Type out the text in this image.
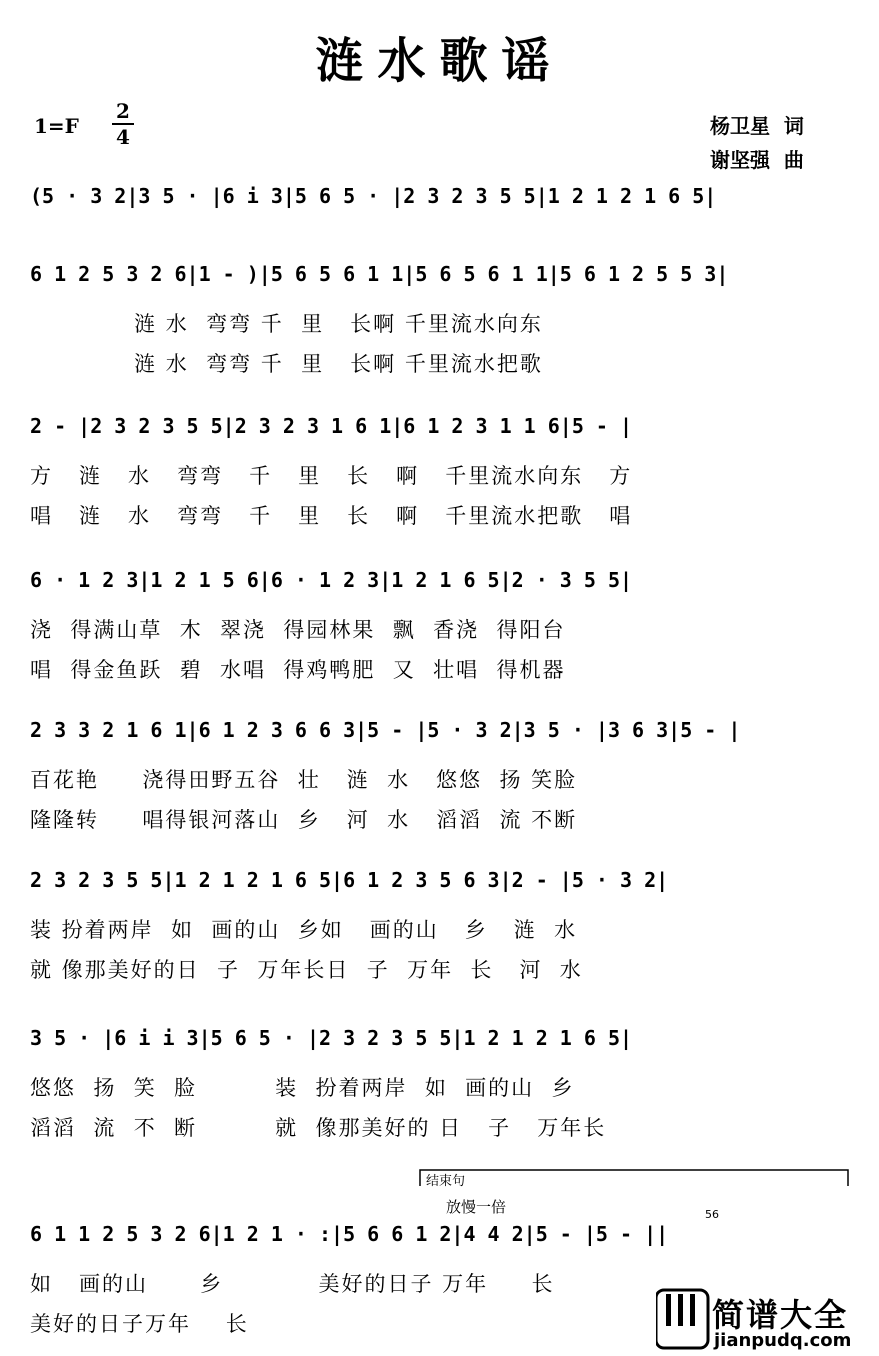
涟水歌谣
1=F
2
4	杨卫星  词
谢坚强  曲
(5 · 3 2|3 5 · |6 i 3|5 6 5 · |2 3 2 3 5 5|1 2 1 2 1 6 5|
6 1 2 5 3 2 6|1 - )|5 6 5 6 1 1|5 6 5 6 1 1|5 6 1 2 5 5 3|
涟 水  弯弯 千  里   长啊 千里流水向东
涟 水  弯弯 千  里   长啊 千里流水把歌
2 - |2 3 2 3 5 5|2 3 2 3 1 6 1|6 1 2 3 1 1 6|5 - |
方   涟   水   弯弯   千   里   长   啊   千里流水向东   方
唱   涟   水   弯弯   千   里   长   啊   千里流水把歌   唱
6 · 1 2 3|1 2 1 5 6|6 · 1 2 3|1 2 1 6 5|2 · 3 5 5|
浇  得满山草  木  翠浇  得园林果  飘  香浇  得阳台
唱  得金鱼跃  碧  水唱  得鸡鸭肥  又  壮唱  得机器
2 3 3 2 1 6 1|6 1 2 3 6 6 3|5 - |5 · 3 2|3 5 · |3 6 3|5 - |
百花艳     浇得田野五谷  壮   涟  水   悠悠  扬 笑脸
隆隆转     唱得银河落山  乡   河  水   滔滔  流 不断
2 3 2 3 5 5|1 2 1 2 1 6 5|6 1 2 3 5 6 3|2 - |5 · 3 2|
装 扮着两岸  如  画的山  乡如   画的山   乡   涟  水
就 像那美好的日  子  万年长日  子  万年  长   河  水
3 5 · |6 i i 3|5 6 5 · |2 3 2 3 5 5|1 2 1 2 1 6 5|
悠悠  扬  笑  脸         装  扮着两岸  如  画的山  乡
滔滔  流  不  断         就  像那美好的 日   子   万年长
结束句
放慢一倍	56
6 1 1 2 5 3 2 6|1 2 1 · :|5 6 6 1 2|4 4 2|5 - |5 - ||
如   画的山      乡           美好的日子 万年     长
美好的日子万年    长	简谱大全
jianpudq.com
